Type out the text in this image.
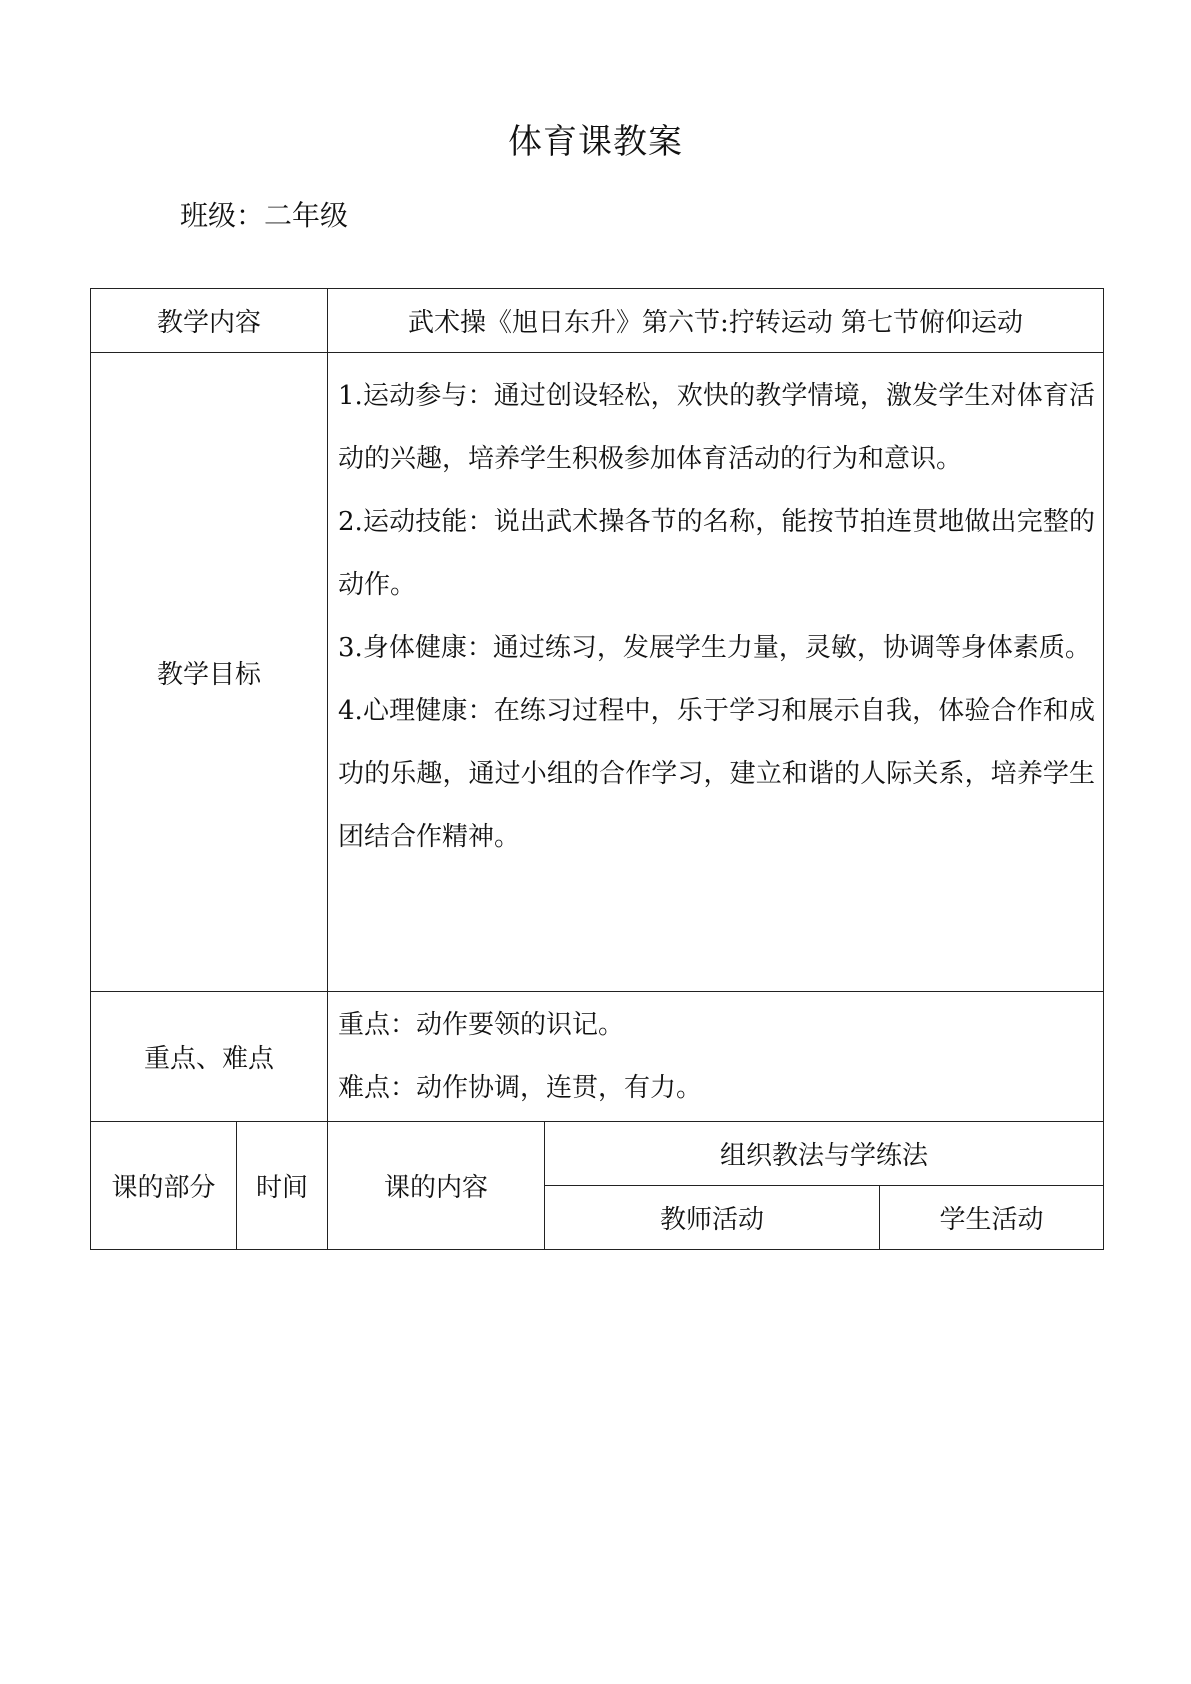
体育课教案
班级：二年级
教学内容		武术操《旭日东升》第六节:拧转运动 第七节俯仰运动		
教学目标		1.运动参与：通过创设轻松，欢快的教学情境，激发学生对体育活动的兴趣，培养学生积极参加体育活动的行为和意识。

2.运动技能：说出武术操各节的名称，能按节拍连贯地做出完整的动作。

3.身体健康：通过练习，发展学生力量，灵敏，协调等身体素质。

4.心理健康：在练习过程中，乐于学习和展示自我，体验合作和成功的乐趣，通过小组的合作学习，建立和谐的人际关系，培养学生团结合作精神。		

重点、难点		重点：动作要领的识记。

难点：动作协调，连贯，有力。		

课的部分	时间	课的内容	组织教法与学练法	
			教师活动	学生活动
